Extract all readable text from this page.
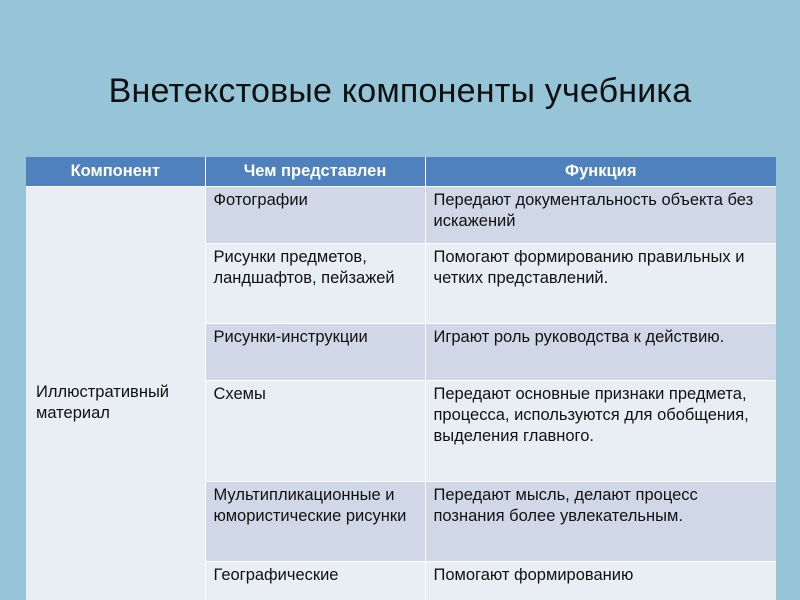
Внетекстовые компоненты учебника
Компонент	Чем представлен	Функция
Иллюстративный материал	Фотографии	Передают документальность объекта без искажений
	Рисунки предметов, ландшафтов, пейзажей	Помогают формированию правильных и четких представлений.
	Рисунки-инструкции	Играют роль руководства к действию.
	Схемы	Передают основные признаки предмета, процесса, используются для обобщения, выделения главного.
	Мультипликационные и юмористические рисунки	Передают мысль, делают процесс познания более увлекательным.
	Географические	Помогают формированию
